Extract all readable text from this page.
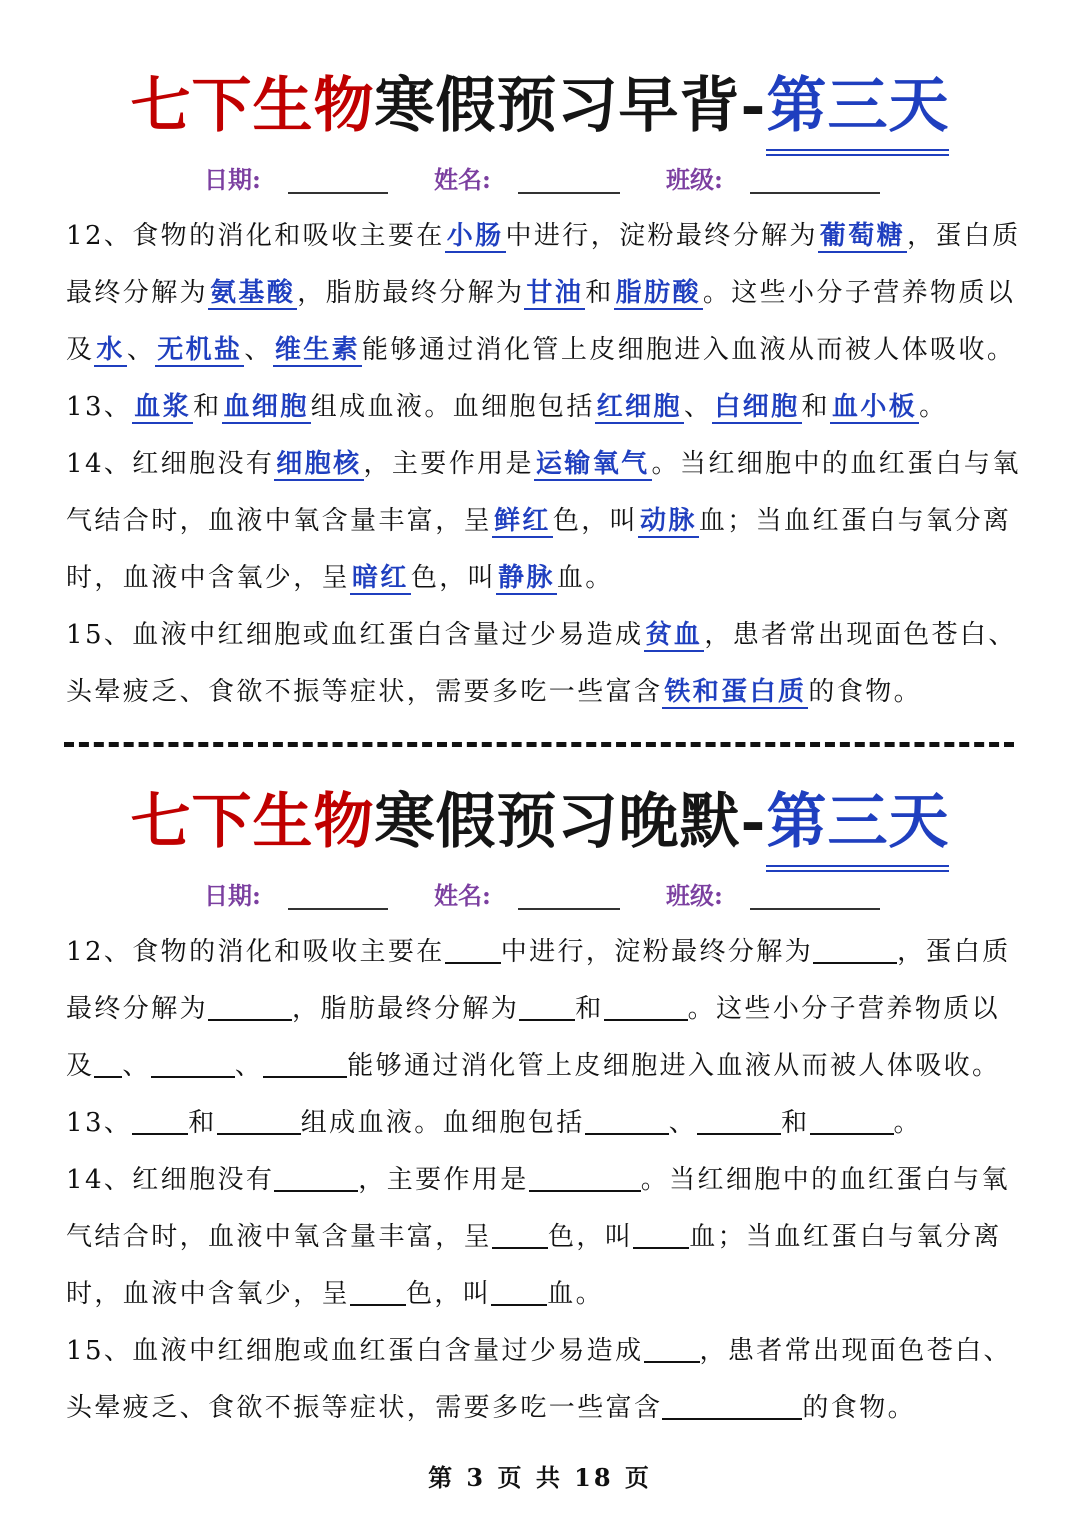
七下生物寒假预习早背-第三天
日期:	姓名:	班级:
12、食物的消化和吸收主要在小肠中进行，淀粉最终分解为葡萄糖，蛋白质
最终分解为氨基酸，脂肪最终分解为甘油和脂肪酸。这些小分子营养物质以
及水、无机盐、维生素能够通过消化管上皮细胞进入血液从而被人体吸收。
13、血浆和血细胞组成血液。血细胞包括红细胞、白细胞和血小板。
14、红细胞没有细胞核，主要作用是运输氧气。当红细胞中的血红蛋白与氧
气结合时，血液中氧含量丰富，呈鲜红色，叫动脉血；当血红蛋白与氧分离
时，血液中含氧少，呈暗红色，叫静脉血。
15、血液中红细胞或血红蛋白含量过少易造成贫血，患者常出现面色苍白、
头晕疲乏、食欲不振等症状，需要多吃一些富含铁和蛋白质的食物。
七下生物寒假预习晚默-第三天
日期:	姓名:	班级:
12、食物的消化和吸收主要在 中进行，淀粉最终分解为	，蛋白质
最终分解为	，脂肪最终分解为 和	。这些小分子营养物质以
及 、	、	能够通过消化管上皮细胞进入血液从而被人体吸收。
13、 和	组成血液。血细胞包括	、	和	。
14、红细胞没有	，主要作用是	。当红细胞中的血红蛋白与氧
气结合时，血液中氧含量丰富，呈 色，叫 血；当血红蛋白与氧分离
时，血液中含氧少，呈 色，叫 血。
15、血液中红细胞或血红蛋白含量过少易造成 ，患者常出现面色苍白、
头晕疲乏、食欲不振等症状，需要多吃一些富含	的食物。
第 3 页 共 18 页
